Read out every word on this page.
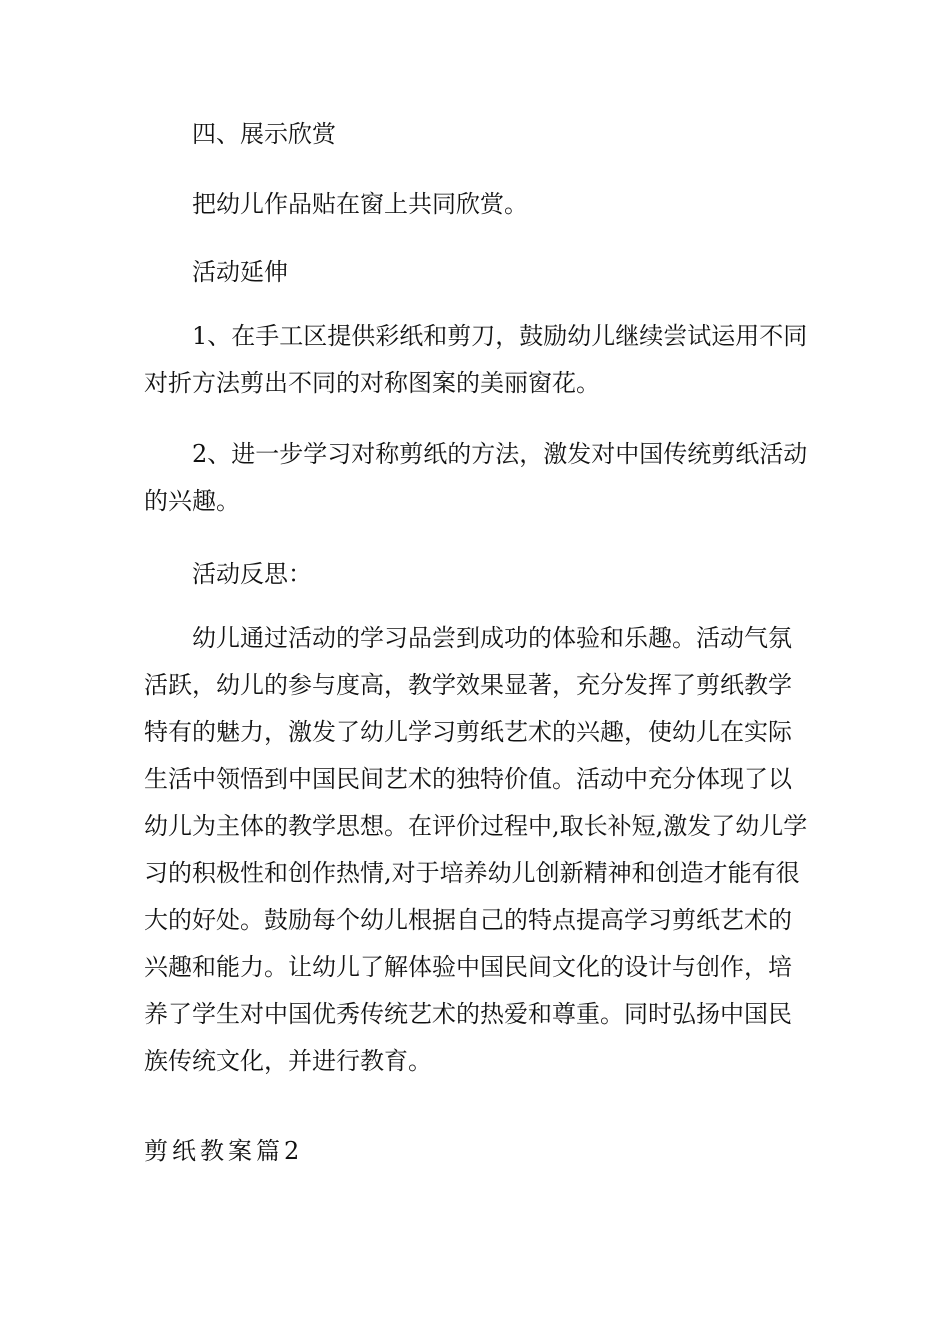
四、展示欣赏

把幼儿作品贴在窗上共同欣赏。

活动延伸

1、在手工区提供彩纸和剪刀，鼓励幼儿继续尝试运用不同对折方法剪出不同的对称图案的美丽窗花。

2、进一步学习对称剪纸的方法，激发对中国传统剪纸活动的兴趣。

活动反思：

幼儿通过活动的学习品尝到成功的体验和乐趣。活动气氛活跃，幼儿的参与度高，教学效果显著，充分发挥了剪纸教学特有的魅力，激发了幼儿学习剪纸艺术的兴趣，使幼儿在实际生活中领悟到中国民间艺术的独特价值。活动中充分体现了以幼儿为主体的教学思想。在评价过程中,取长补短,激发了幼儿学习的积极性和创作热情,对于培养幼儿创新精神和创造才能有很大的好处。鼓励每个幼儿根据自己的特点提高学习剪纸艺术的兴趣和能力。让幼儿了解体验中国民间文化的设计与创作，培养了学生对中国优秀传统艺术的热爱和尊重。同时弘扬中国民族传统文化，并进行教育。

剪纸教案篇2
